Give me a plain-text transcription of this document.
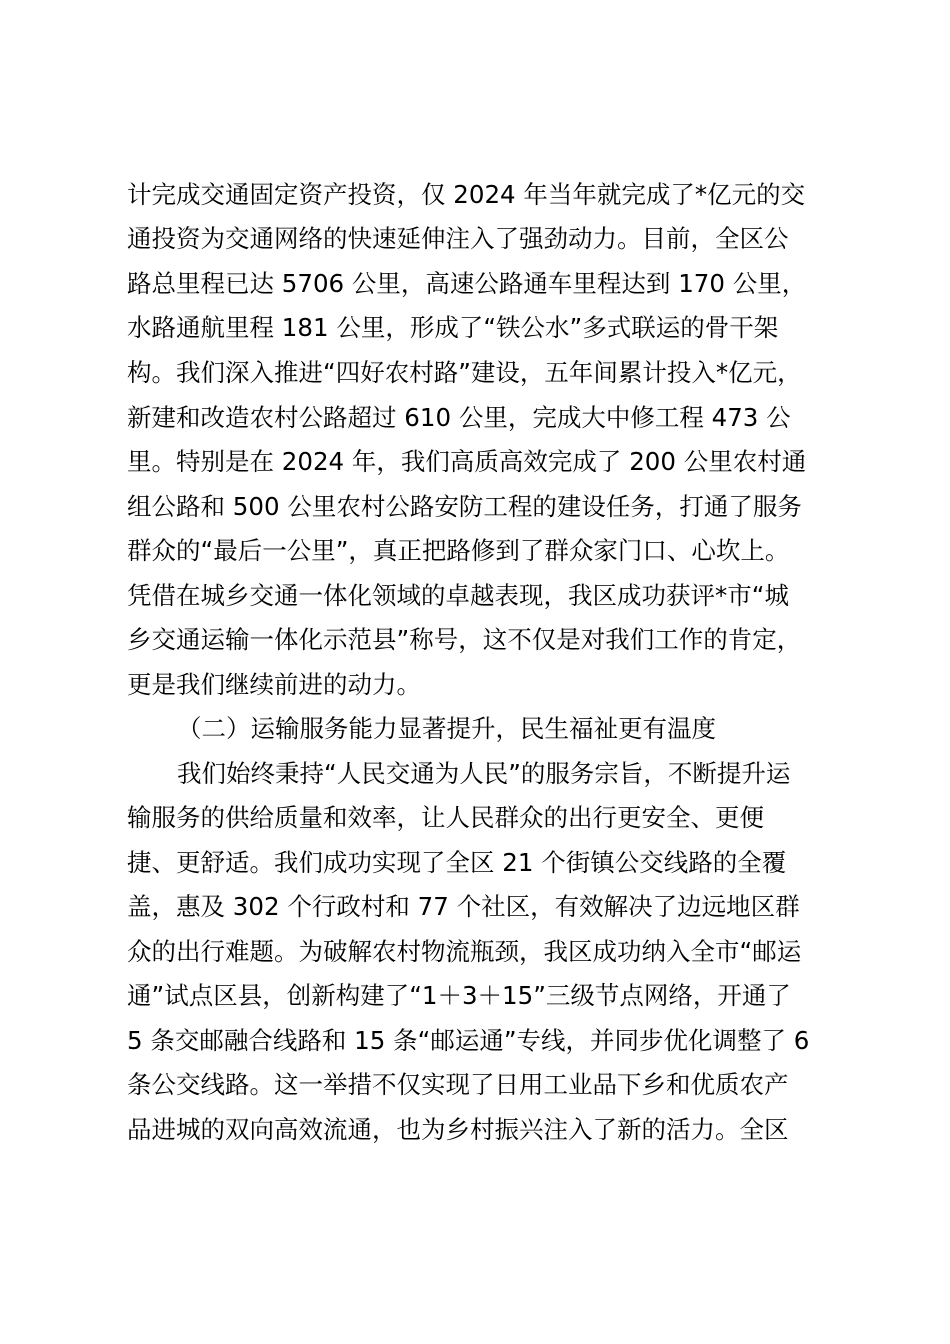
计完成交通固定资产投资，仅 2024 年当年就完成了*亿元的交
通投资为交通网络的快速延伸注入了强劲动力。目前，全区公
路总里程已达 5706 公里，高速公路通车里程达到 170 公里，
水路通航里程 181 公里，形成了“铁公水”多式联运的骨干架
构。我们深入推进“四好农村路”建设，五年间累计投入*亿元，
新建和改造农村公路超过 610 公里，完成大中修工程 473 公
里。特别是在 2024 年，我们高质高效完成了 200 公里农村通
组公路和 500 公里农村公路安防工程的建设任务，打通了服务
群众的“最后一公里”，真正把路修到了群众家门口、心坎上。
凭借在城乡交通一体化领域的卓越表现，我区成功获评*市“城
乡交通运输一体化示范县”称号，这不仅是对我们工作的肯定，
更是我们继续前进的动力。
（二）运输服务能力显著提升，民生福祉更有温度
我们始终秉持“人民交通为人民”的服务宗旨，不断提升运
输服务的供给质量和效率，让人民群众的出行更安全、更便
捷、更舒适。我们成功实现了全区 21 个街镇公交线路的全覆
盖，惠及 302 个行政村和 77 个社区，有效解决了边远地区群
众的出行难题。为破解农村物流瓶颈，我区成功纳入全市“邮运
通”试点区县，创新构建了“1＋3＋15”三级节点网络，开通了
5 条交邮融合线路和 15 条“邮运通”专线，并同步优化调整了 6
条公交线路。这一举措不仅实现了日用工业品下乡和优质农产
品进城的双向高效流通，也为乡村振兴注入了新的活力。全区
